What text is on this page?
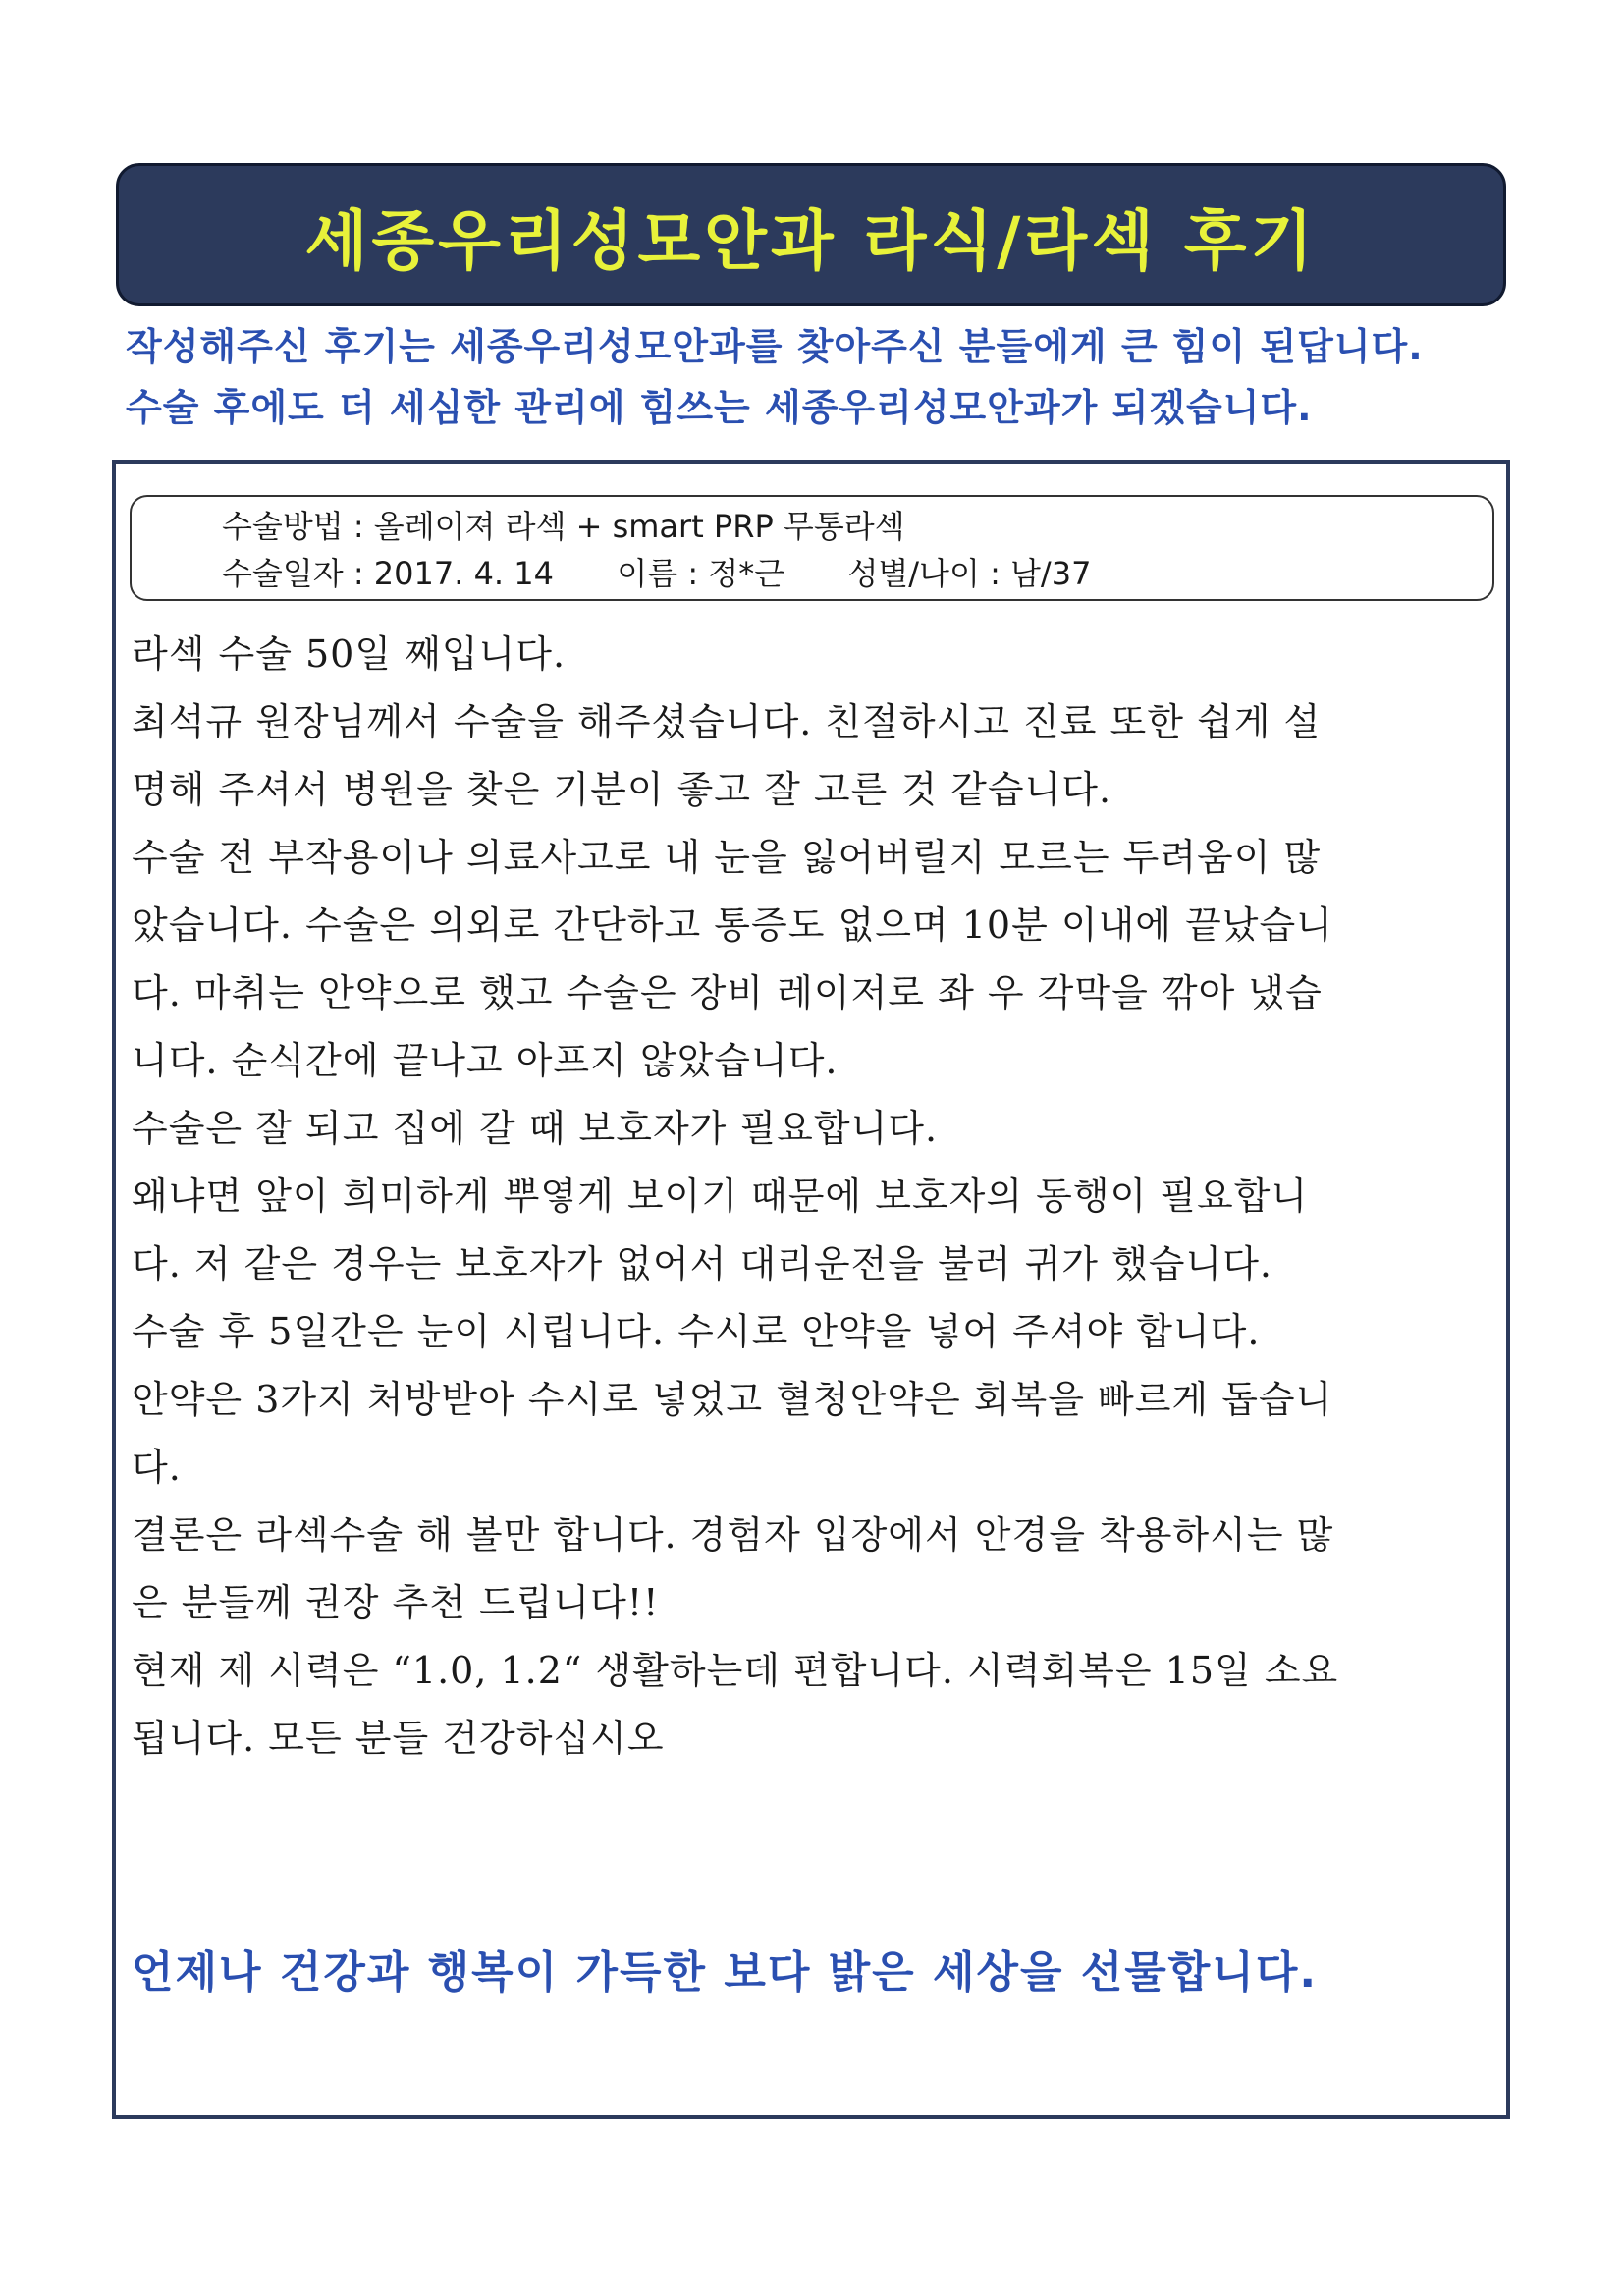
세종우리성모안과 라식/라섹 후기
작성해주신 후기는 세종우리성모안과를 찾아주신 분들에게 큰 힘이 된답니다.
수술 후에도 더 세심한 관리에 힘쓰는 세종우리성모안과가 되겠습니다.
수술방법 : 올레이져 라섹 + smart PRP 무통라섹
수술일자 : 2017. 4. 14 이름 : 정*근 성별/나이 : 남/37
라섹 수술 50일 째입니다.
최석규 원장님께서 수술을 해주셨습니다. 친절하시고 진료 또한 쉽게 설
명해 주셔서 병원을 찾은 기분이 좋고 잘 고른 것 같습니다.
수술 전 부작용이나 의료사고로 내 눈을 잃어버릴지 모르는 두려움이 많
았습니다. 수술은 의외로 간단하고 통증도 없으며 10분 이내에 끝났습니
다. 마취는 안약으로 했고 수술은 장비 레이저로 좌 우 각막을 깎아 냈습
니다. 순식간에 끝나고 아프지 않았습니다.
수술은 잘 되고 집에 갈 때 보호자가 필요합니다.
왜냐면 앞이 희미하게 뿌옇게 보이기 때문에 보호자의 동행이 필요합니
다. 저 같은 경우는 보호자가 없어서 대리운전을 불러 귀가 했습니다.
수술 후 5일간은 눈이 시립니다. 수시로 안약을 넣어 주셔야 합니다.
안약은 3가지 처방받아 수시로 넣었고 혈청안약은 회복을 빠르게 돕습니
다.
결론은 라섹수술 해 볼만 합니다. 경험자 입장에서 안경을 착용하시는 많
은 분들께 권장 추천 드립니다!!
현재 제 시력은 “1.0, 1.2“ 생활하는데 편합니다. 시력회복은 15일 소요
됩니다. 모든 분들 건강하십시오
언제나 건강과 행복이 가득한 보다 밝은 세상을 선물합니다.
